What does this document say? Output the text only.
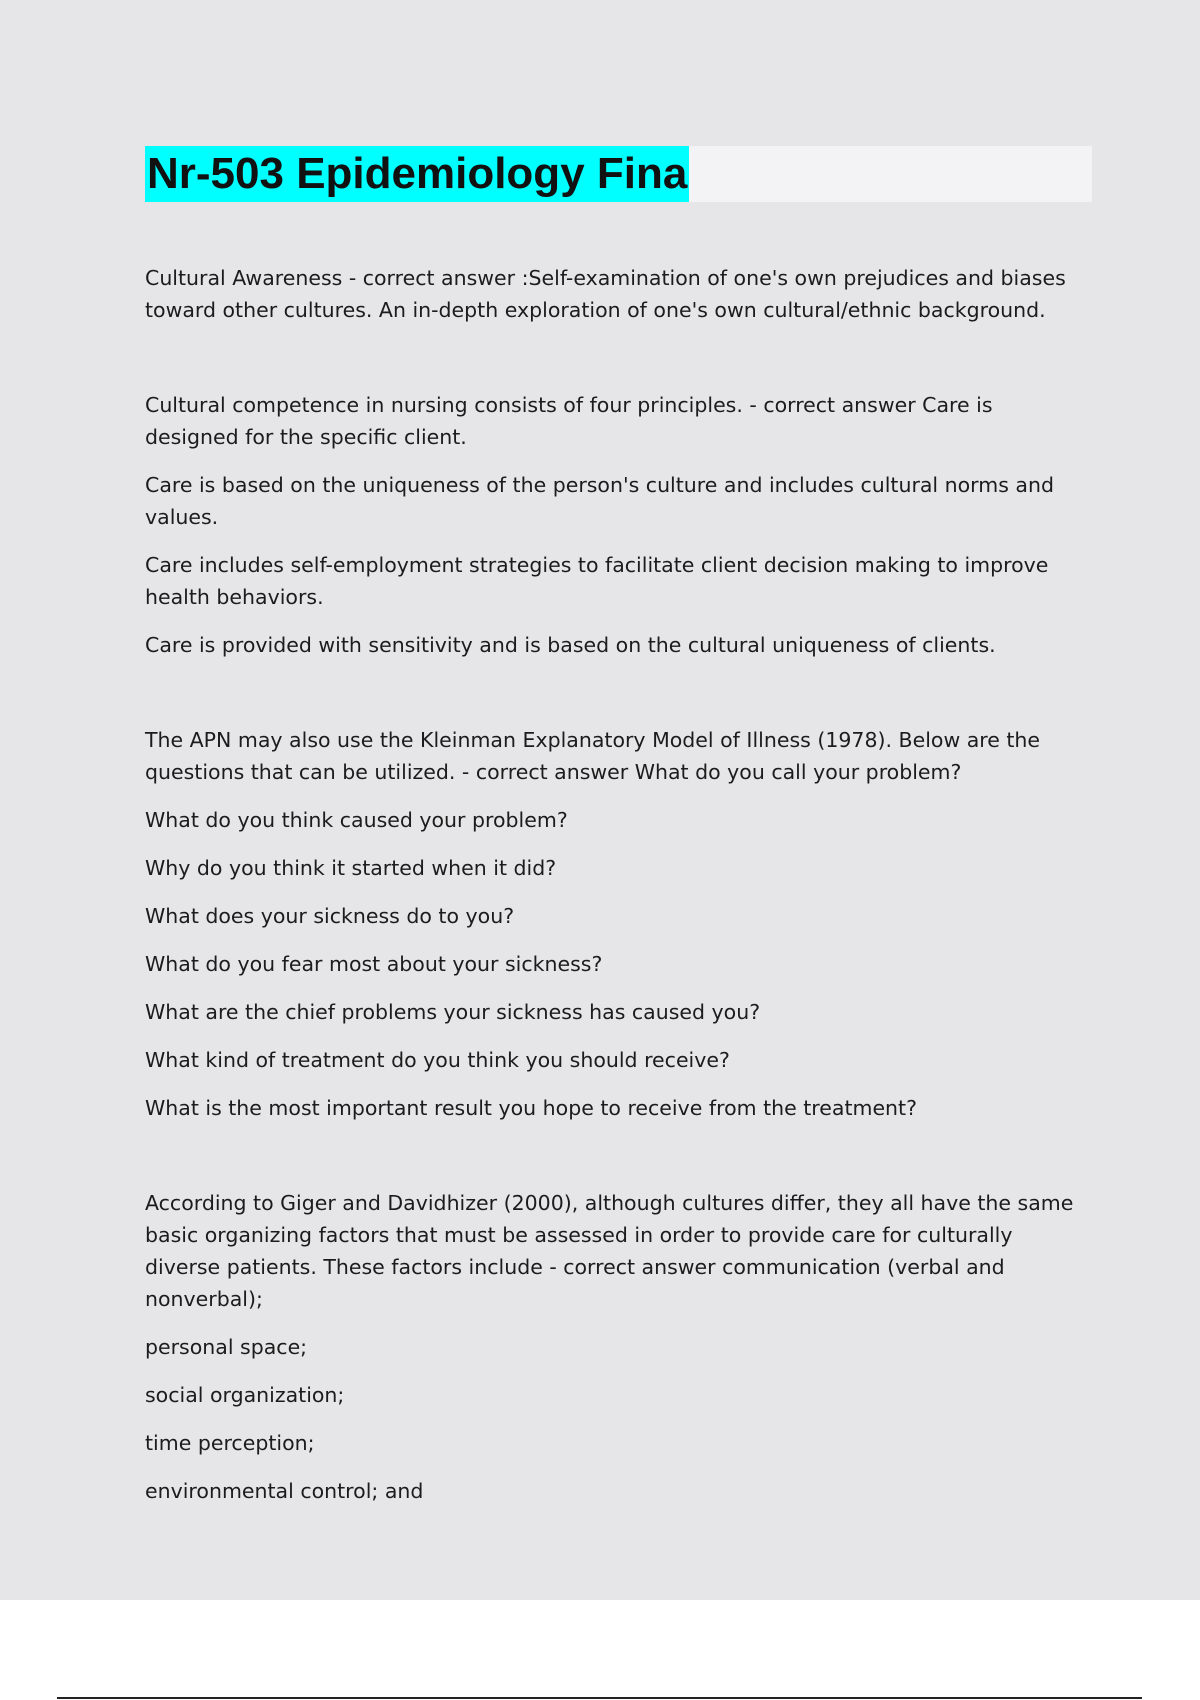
Nr-503 Epidemiology Fina

Cultural Awareness - correct answer :Self-examination of one's own prejudices and biases toward other cultures. An in-depth exploration of one's own cultural/ethnic background.

Cultural competence in nursing consists of four principles. - correct answer Care is designed for the specific client.

Care is based on the uniqueness of the person's culture and includes cultural norms and values.

Care includes self-employment strategies to facilitate client decision making to improve health behaviors.

Care is provided with sensitivity and is based on the cultural uniqueness of clients.

The APN may also use the Kleinman Explanatory Model of Illness (1978). Below are the questions that can be utilized. - correct answer What do you call your problem?

What do you think caused your problem?

Why do you think it started when it did?

What does your sickness do to you?

What do you fear most about your sickness?

What are the chief problems your sickness has caused you?

What kind of treatment do you think you should receive?

What is the most important result you hope to receive from the treatment?

According to Giger and Davidhizer (2000), although cultures differ, they all have the same basic organizing factors that must be assessed in order to provide care for culturally diverse patients. These factors include - correct answer communication (verbal and nonverbal);

personal space;

social organization;

time perception;

environmental control; and
